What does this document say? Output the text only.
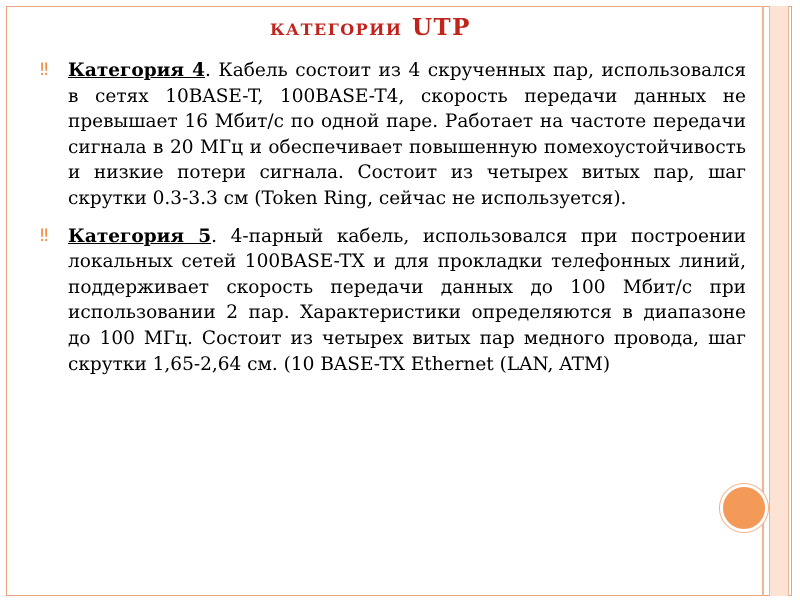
категории UTP

‼ Категория 4. Кабель состоит из 4 скрученных пар, использовался в сетях 10BASE-T, 100BASE-T4, скорость передачи данных не превышает 16 Мбит/с по одной паре. Работает на частоте передачи сигнала в 20 МГц и обеспечивает повышенную помехоустойчивость и низкие потери сигнала. Состоит из четырех витых пар, шаг скрутки 0.3-3.3 см (Token Ring, сейчас не используется).

‼ Категория 5. 4-парный кабель, использовался при построении локальных сетей 100BASE-TX и для прокладки телефонных линий, поддерживает скорость передачи данных до 100 Мбит/с при использовании 2 пар. Характеристики определяются в диапазоне до 100 МГц. Состоит из четырех витых пар медного провода, шаг скрутки 1,65-2,64 см. (10 BASE-TX Ethernet (LAN, ATM)
